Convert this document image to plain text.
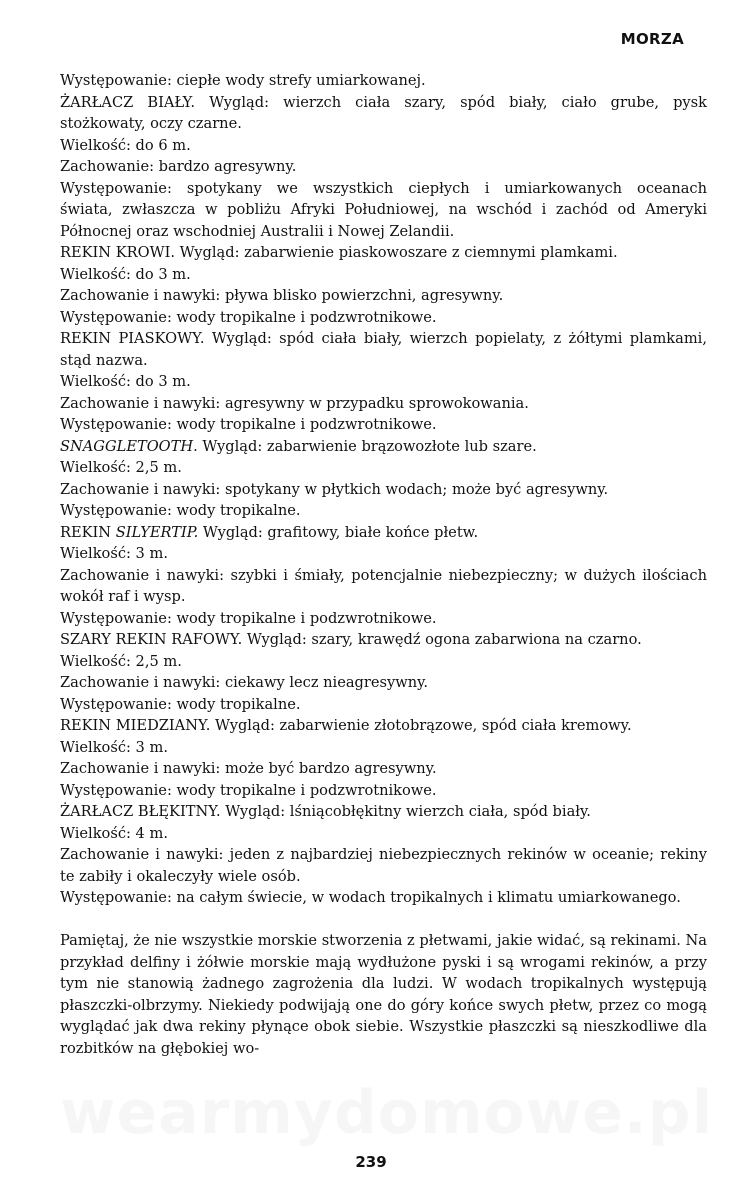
MORZA
Występowanie: ciepłe wody strefy umiarkowanej.
ŻARŁACZ BIAŁY. Wygląd: wierzch ciała szary, spód biały, ciało grube, pysk
stożkowaty, oczy czarne.
Wielkość: do 6 m.
Zachowanie: bardzo agresywny.
Występowanie: spotykany we wszystkich ciepłych i umiarkowanych oceanach
świata, zwłaszcza w pobliżu Afryki Południowej, na wschód i zachód od Ameryki Północnej oraz wschodniej Australii i Nowej Zelandii.
REKIN KROWI. Wygląd: zabarwienie piaskowoszare z ciemnymi plamkami.
Wielkość: do 3 m.
Zachowanie i nawyki: pływa blisko powierzchni, agresywny.
Występowanie: wody tropikalne i podzwrotnikowe.
REKIN PIASKOWY. Wygląd: spód ciała biały, wierzch popielaty, z żółtymi plamkami, stąd nazwa.
Wielkość: do 3 m.
Zachowanie i nawyki: agresywny w przypadku sprowokowania.
Występowanie: wody tropikalne i podzwrotnikowe.
SNAGGLETOOTH. Wygląd: zabarwienie brązowozłote lub szare.
Wielkość: 2,5 m.
Zachowanie i nawyki: spotykany w płytkich wodach; może być agresywny.
Występowanie: wody tropikalne.
REKIN SILYERTIP. Wygląd: grafitowy, białe końce płetw.
Wielkość: 3 m.
Zachowanie i nawyki: szybki i śmiały, potencjalnie niebezpieczny; w dużych ilościach wokół raf i wysp.
Występowanie: wody tropikalne i podzwrotnikowe.
SZARY REKIN RAFOWY. Wygląd: szary, krawędź ogona zabarwiona na czarno.
Wielkość: 2,5 m.
Zachowanie i nawyki: ciekawy lecz nieagresywny.
Występowanie: wody tropikalne.
REKIN MIEDZIANY. Wygląd: zabarwienie złotobrązowe, spód ciała kremowy.
Wielkość: 3 m.
Zachowanie i nawyki: może być bardzo agresywny.
Występowanie: wody tropikalne i podzwrotnikowe.
ŻARŁACZ BŁĘKITNY. Wygląd: lśniącobłękitny wierzch ciała, spód biały.
Wielkość: 4 m.
Zachowanie i nawyki: jeden z najbardziej niebezpiecznych rekinów w oceanie; rekiny te zabiły i okaleczyły wiele osób.
Występowanie: na całym świecie, w wodach tropikalnych i klimatu umiarkowanego.
Pamiętaj, że nie wszystkie morskie stworzenia z płetwami, jakie widać, są rekinami. Na przykład delfiny i żółwie morskie mają wydłużone pyski i są wrogami rekinów, a przy tym nie stanowią żadnego zagrożenia dla ludzi. W wodach tropikalnych występują płaszczki-olbrzymy. Niekiedy podwijają one do góry końce swych płetw, przez co mogą wyglądać jak dwa rekiny płynące obok siebie. Wszystkie płaszczki są nieszkodliwe dla rozbitków na głębokiej wo-
239
